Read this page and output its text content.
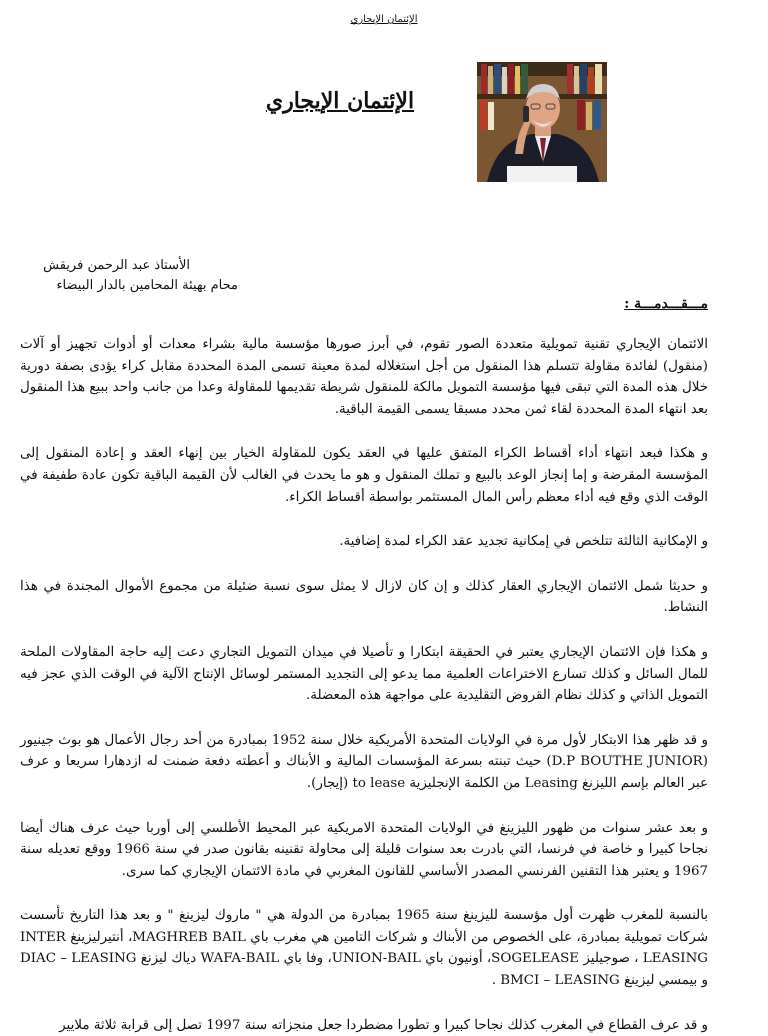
الإئتمان الإيجاري
الإئتمان الإيجاري
الأستاذ عبد الرحمن فريقش
محام بهيئة المحامين بالدار البيضاء
مـــقـــدمـــة :

الائتمان الإيجاري تقنية تمويلية متعددة الصور تقوم، في أبرز صورها مؤسسة مالية بشراء معدات أو أدوات تجهيز أو آلات (منقول) لفائدة مقاولة تتسلم هذا المنقول من أجل استغلاله لمدة معينة تسمى المدة المحددة مقابل كراء يؤدى بصفة دورية خلال هذه المدة التي تبقى فيها مؤسسة التمويل مالكة للمنقول شريطة تقديمها للمقاولة وعدا من جانب واحد ببيع هذا المنقول بعد انتهاء المدة المحددة لقاء ثمن محدد مسبقا يسمى القيمة الباقية.

و هكذا فبعد انتهاء أداء أقساط الكراء المتفق عليها في العقد يكون للمقاولة الخيار بين إنهاء العقد و إعادة المنقول إلى المؤسسة المقرضة و إما إنجاز الوعد بالبيع و تملك المنقول و هو ما يحدث في الغالب لأن القيمة الباقية تكون عادة طفيفة في الوقت الذي وقع فيه أداء معظم رأس المال المستثمر بواسطة أقساط الكراء.

و الإمكانية الثالثة تتلخص في إمكانية تجديد عقد الكراء لمدة إضافية.

و حديثا شمل الائتمان الإيجاري العقار كذلك و إن كان لازال لا يمثل سوى نسبة ضئيلة من مجموع الأموال المجندة في هذا النشاط.

و هكذا فإن الائتمان الإيجاري يعتبر في الحقيقة ابتكارا و تأصيلا في ميدان التمويل التجاري دعت إليه حاجة المقاولات الملحة للمال السائل و كذلك تسارع الاختراعات العلمية مما يدعو إلى التجديد المستمر لوسائل الإنتاج الآلية في الوقت الذي عجز فيه التمويل الذاتي و كذلك نظام القروض التقليدية على مواجهة هذه المعضلة.

و قد ظهر هذا الابتكار لأول مرة في الولايات المتحدة الأمريكية خلال سنة 1952 بمبادرة من أحد رجال الأعمال هو بوث جينيور (D.P BOUTHE JUNIOR) حيث تبنته بسرعة المؤسسات المالية و الأبناك و أعطته دفعة ضمنت له ازدهارا سريعا و عرف عبر العالم بإسم الليزنغ Leasing من الكلمة الإنجليزية to lease (إيجار).

و بعد عشر سنوات من ظهور الليزينغ في الولايات المتحدة الامريكية عبر المحيط الأطلسي إلى أوربا حيث عرف هناك أيضا نجاحا كبيرا و خاصة في فرنسا، التي بادرت بعد سنوات قليلة إلى محاولة تقنينه بقانون صدر في سنة 1966 ووقع تعديله سنة 1967 و يعتبر هذا التقنين الفرنسي المصدر الأساسي للقانون المغربي في مادة الائتمان الإيجاري كما سرى.

بالنسبة للمغرب ظهرت أول مؤسسة لليزينغ سنة 1965 بمبادرة من الدولة هي " ماروك ليزينغ " و بعد هذا التاريخ تأسست شركات تمويلية بمبادرة، على الخصوص من الأبناك و شركات التامين هي مغرب باي MAGHREB BAIL، أنتيرليزينغ INTER LEASING ، صوجيليز SOGELEASE، أونيون باي UNION-BAIL، وفا باي WAFA-BAIL دياك ليزنغ DIAC – LEASING و بيمسي ليزينغ BMCI – LEASING .

و قد عرف القطاع في المغرب كذلك نجاحا كبيرا و تطورا مضطردا جعل منجزاته سنة 1997 تصل إلى قرابة ثلاثة ملايير
